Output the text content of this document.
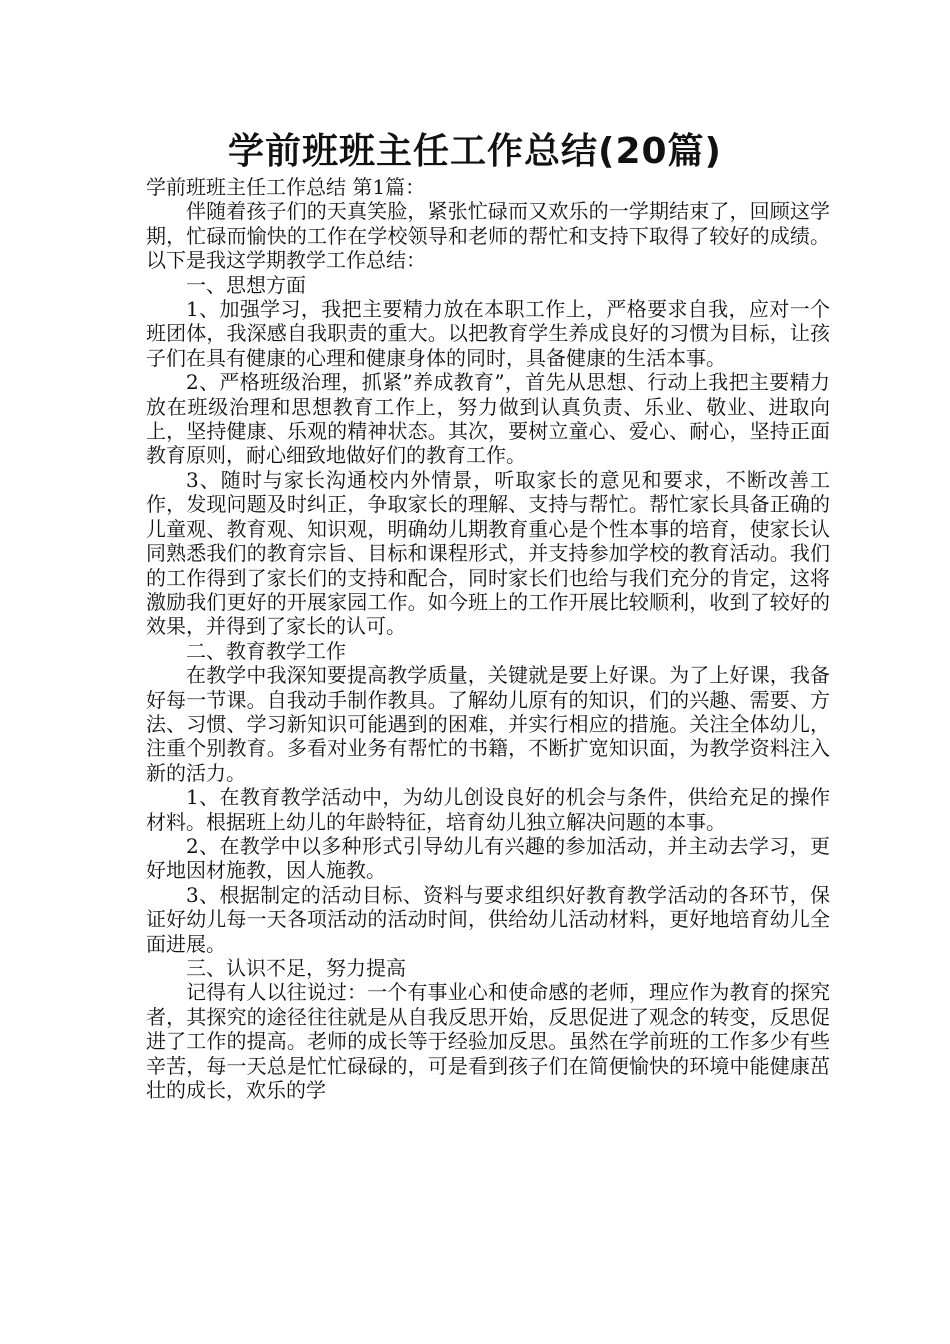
学前班班主任工作总结(20篇)

学前班班主任工作总结 第1篇：

伴随着孩子们的天真笑脸，紧张忙碌而又欢乐的一学期结束了，回顾这学期，忙碌而愉快的工作在学校领导和老师的帮忙和支持下取得了较好的成绩。以下是我这学期教学工作总结：

一、思想方面

1、加强学习，我把主要精力放在本职工作上，严格要求自我，应对一个班团体，我深感自我职责的重大。以把教育学生养成良好的习惯为目标，让孩子们在具有健康的心理和健康身体的同时，具备健康的生活本事。

2、严格班级治理，抓紧”养成教育”，首先从思想、行动上我把主要精力放在班级治理和思想教育工作上，努力做到认真负责、乐业、敬业、进取向上，坚持健康、乐观的精神状态。其次，要树立童心、爱心、耐心，坚持正面教育原则，耐心细致地做好们的教育工作。

3、随时与家长沟通校内外情景，听取家长的意见和要求，不断改善工作，发现问题及时纠正，争取家长的理解、支持与帮忙。帮忙家长具备正确的儿童观、教育观、知识观，明确幼儿期教育重心是个性本事的培育，使家长认同熟悉我们的教育宗旨、目标和课程形式，并支持参加学校的教育活动。我们的工作得到了家长们的支持和配合，同时家长们也给与我们充分的肯定，这将激励我们更好的开展家园工作。如今班上的工作开展比较顺利，收到了较好的效果，并得到了家长的认可。

二、教育教学工作

在教学中我深知要提高教学质量，关键就是要上好课。为了上好课，我备好每一节课。自我动手制作教具。了解幼儿原有的知识，们的兴趣、需要、方法、习惯、学习新知识可能遇到的困难，并实行相应的措施。关注全体幼儿，注重个别教育。多看对业务有帮忙的书籍，不断扩宽知识面，为教学资料注入新的活力。

1、在教育教学活动中，为幼儿创设良好的机会与条件，供给充足的操作材料。根据班上幼儿的年龄特征，培育幼儿独立解决问题的本事。

2、在教学中以多种形式引导幼儿有兴趣的参加活动，并主动去学习，更好地因材施教，因人施教。

3、根据制定的活动目标、资料与要求组织好教育教学活动的各环节，保证好幼儿每一天各项活动的活动时间，供给幼儿活动材料，更好地培育幼儿全面进展。

三、认识不足，努力提高

记得有人以往说过：一个有事业心和使命感的老师，理应作为教育的探究者，其探究的途径往往就是从自我反思开始，反思促进了观念的转变，反思促进了工作的提高。老师的成长等于经验加反思。虽然在学前班的工作多少有些辛苦，每一天总是忙忙碌碌的，可是看到孩子们在简便愉快的环境中能健康茁壮的成长，欢乐的学
